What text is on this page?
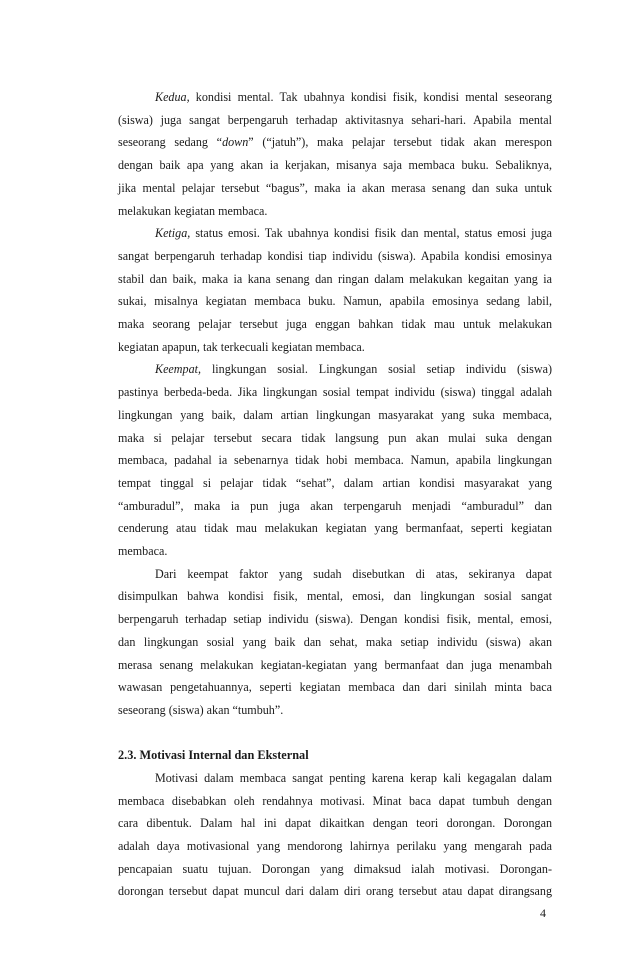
Kedua, kondisi mental. Tak ubahnya kondisi fisik, kondisi mental seseorang
(siswa) juga sangat berpengaruh terhadap aktivitasnya sehari-hari. Apabila mental
seseorang sedang “down” (“jatuh”), maka pelajar tersebut tidak akan merespon
dengan baik apa yang akan ia kerjakan, misanya saja membaca buku. Sebaliknya,
jika mental pelajar tersebut “bagus”, maka ia akan merasa senang dan suka untuk
melakukan kegiatan membaca.

Ketiga, status emosi. Tak ubahnya kondisi fisik dan mental, status emosi juga
sangat berpengaruh terhadap kondisi tiap individu (siswa). Apabila kondisi emosinya
stabil dan baik, maka ia kana senang dan ringan dalam melakukan kegaitan yang ia
sukai, misalnya kegiatan membaca buku. Namun, apabila emosinya sedang labil,
maka seorang pelajar tersebut juga enggan bahkan tidak mau untuk melakukan
kegiatan apapun, tak terkecuali kegiatan membaca.

Keempat, lingkungan sosial. Lingkungan sosial setiap individu (siswa)
pastinya berbeda-beda. Jika lingkungan sosial tempat individu (siswa) tinggal adalah
lingkungan yang baik, dalam artian lingkungan masyarakat yang suka membaca,
maka si pelajar tersebut secara tidak langsung pun akan mulai suka dengan
membaca, padahal ia sebenarnya tidak hobi membaca. Namun, apabila lingkungan
tempat tinggal si pelajar tidak “sehat”, dalam artian kondisi masyarakat yang
“amburadul”, maka ia pun juga akan terpengaruh menjadi “amburadul” dan
cenderung atau tidak mau melakukan kegiatan yang bermanfaat, seperti kegiatan
membaca.

Dari keempat faktor yang sudah disebutkan di atas, sekiranya dapat
disimpulkan bahwa kondisi fisik, mental, emosi, dan lingkungan sosial sangat
berpengaruh terhadap setiap individu (siswa). Dengan kondisi fisik, mental, emosi,
dan lingkungan sosial yang baik dan sehat, maka setiap individu (siswa) akan
merasa senang melakukan kegiatan-kegiatan yang bermanfaat dan juga menambah
wawasan pengetahuannya, seperti kegiatan membaca dan dari sinilah minta baca
seseorang (siswa) akan “tumbuh”.

2.3. Motivasi Internal dan Eksternal

Motivasi dalam membaca sangat penting karena kerap kali kegagalan dalam
membaca disebabkan oleh rendahnya motivasi. Minat baca dapat tumbuh dengan
cara dibentuk. Dalam hal ini dapat dikaitkan dengan teori dorongan. Dorongan
adalah daya motivasional yang mendorong lahirnya perilaku yang mengarah pada
pencapaian suatu tujuan. Dorongan yang dimaksud ialah motivasi. Dorongan-
dorongan tersebut dapat muncul dari dalam diri orang tersebut atau dapat dirangsang

4
